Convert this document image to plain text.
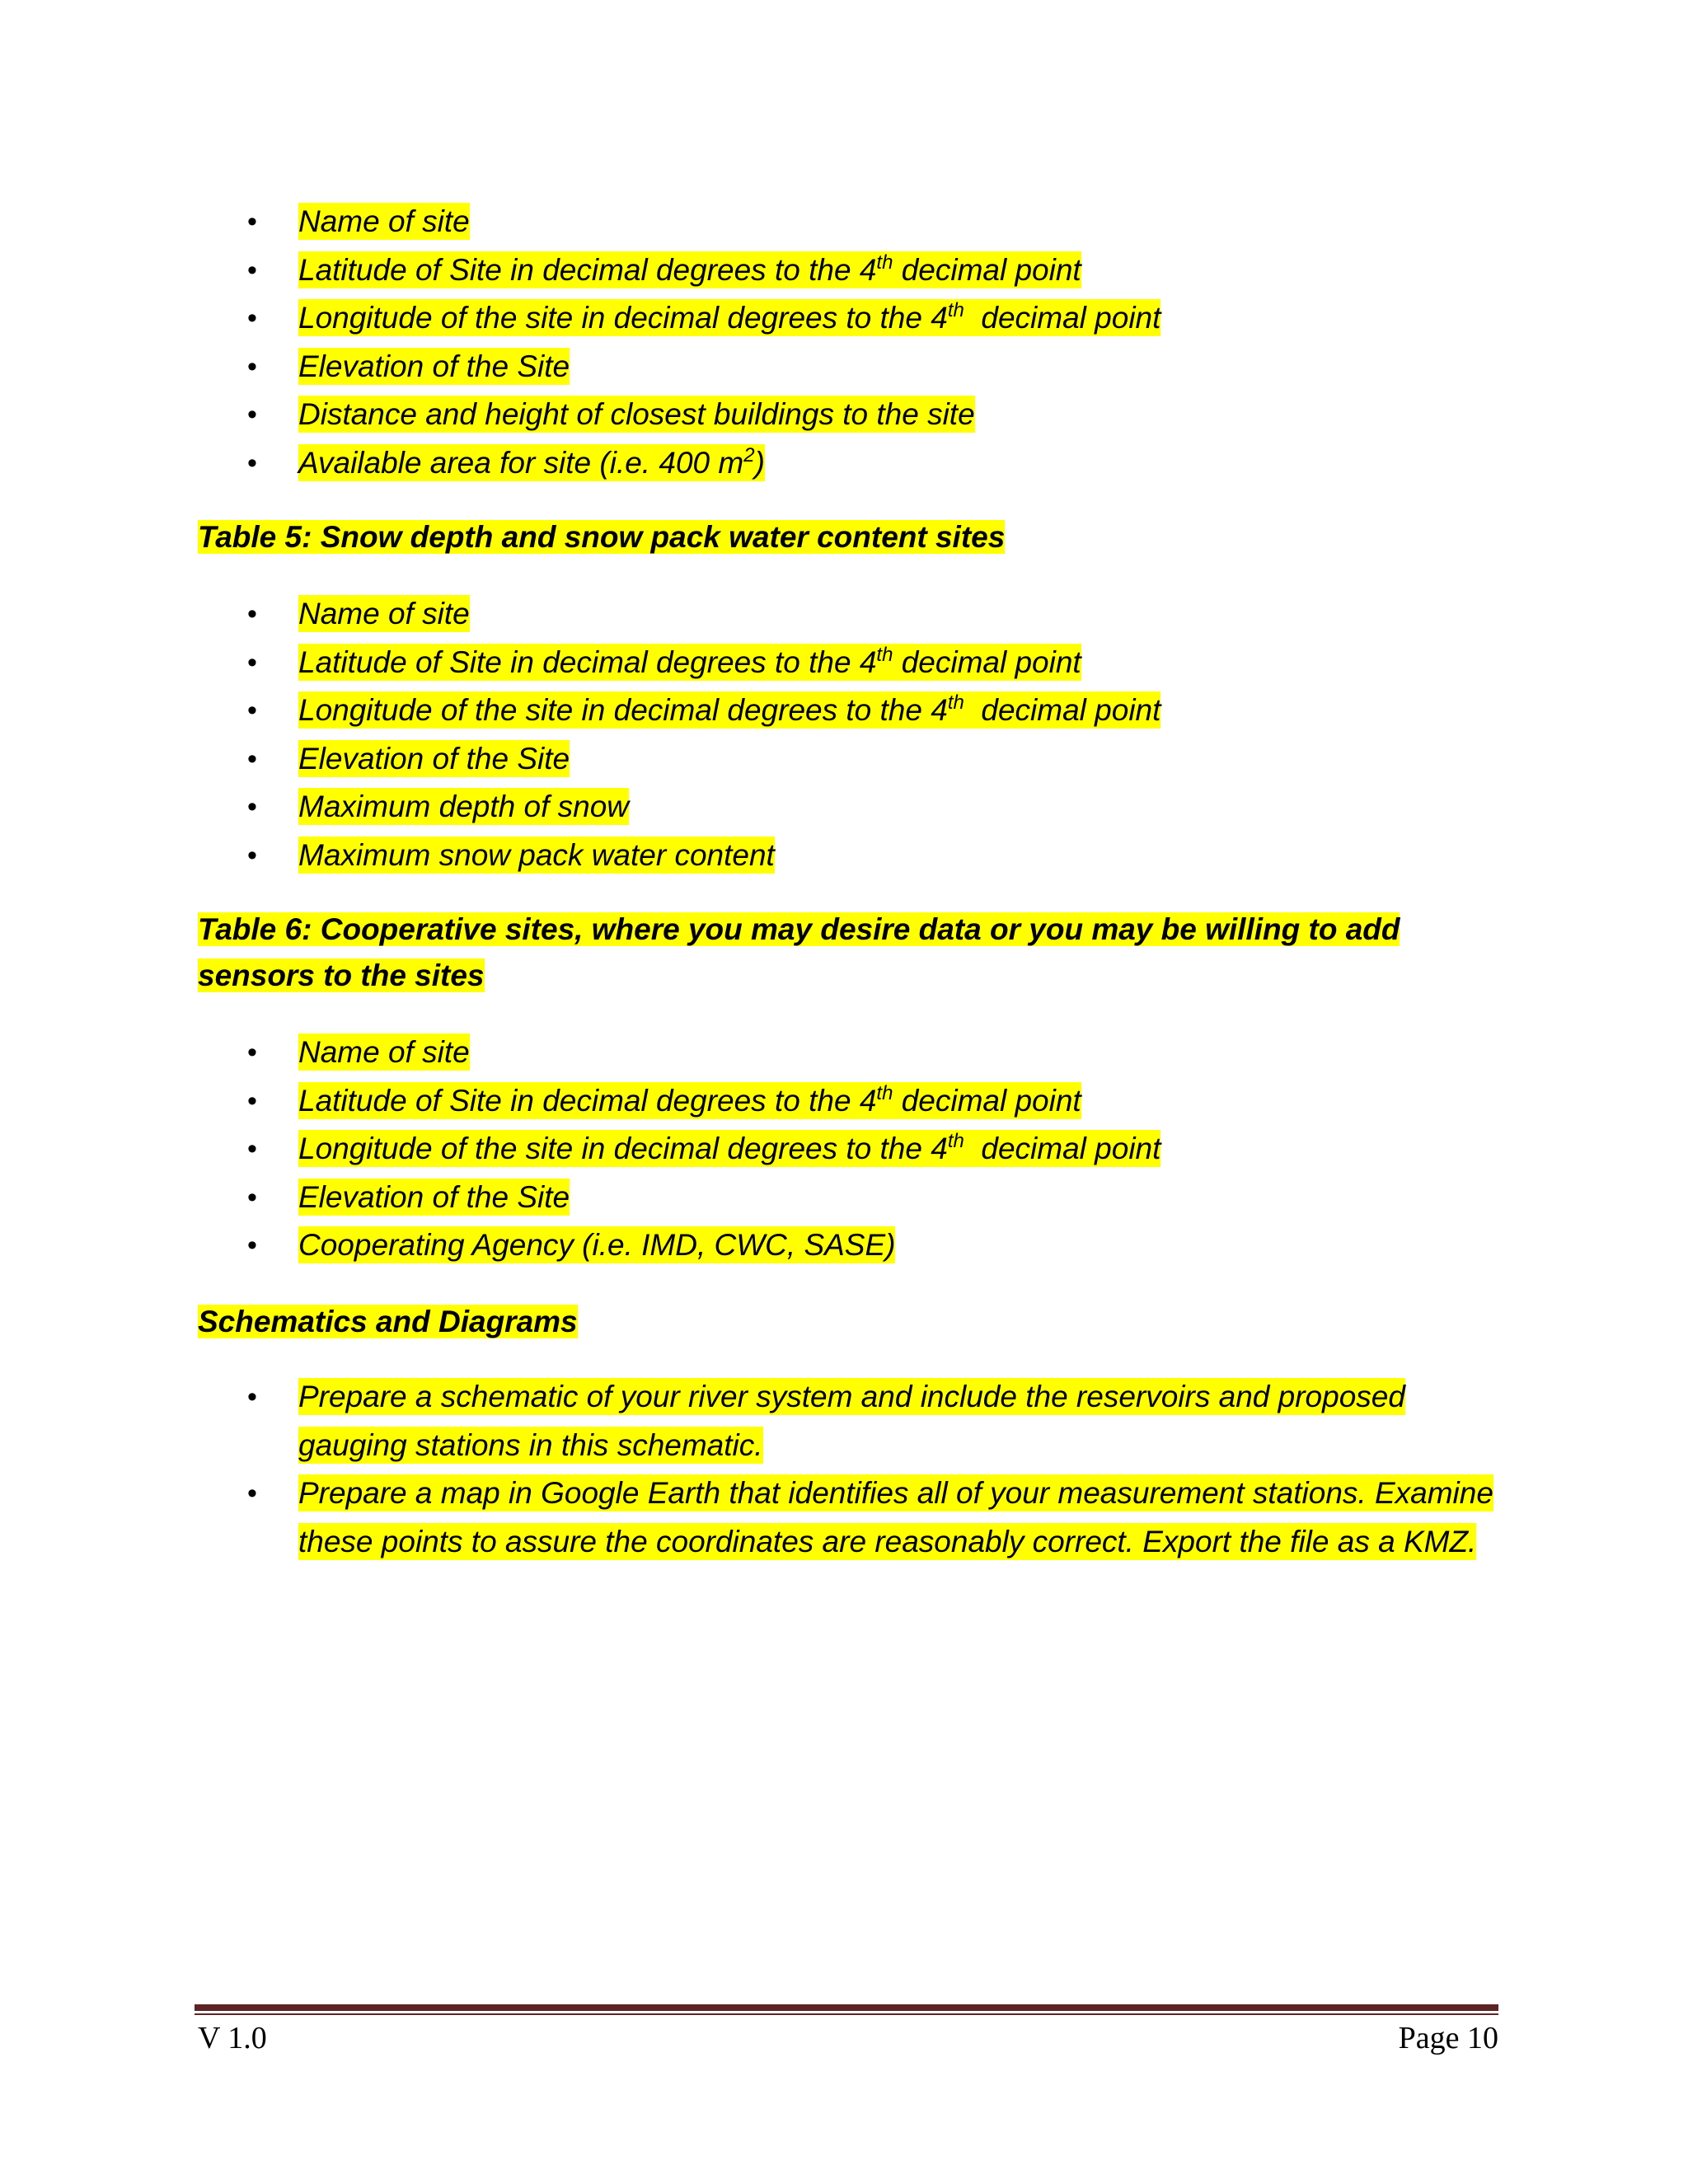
•	Name of site
•	Latitude of Site in decimal degrees to the 4th decimal point
•	Longitude of the site in decimal degrees to the 4th  decimal point
•	Elevation of the Site
•	Distance and height of closest buildings to the site
•	Available area for site (i.e. 400 $m^2$)

Table 5: Snow depth and snow pack water content sites

•	Name of site
•	Latitude of Site in decimal degrees to the 4th decimal point
•	Longitude of the site in decimal degrees to the 4th  decimal point
•	Elevation of the Site
•	Maximum depth of snow
•	Maximum snow pack water content

Table 6: Cooperative sites, where you may desire data or you may be willing to add sensors to the sites

•	Name of site
•	Latitude of Site in decimal degrees to the 4th decimal point
•	Longitude of the site in decimal degrees to the 4th  decimal point
•	Elevation of the Site
•	Cooperating Agency (i.e. IMD, CWC, SASE)

Schematics and Diagrams

•	Prepare a schematic of your river system and include the reservoirs and proposed gauging stations in this schematic.
•	Prepare a map in Google Earth that identifies all of your measurement stations. Examine these points to assure the coordinates are reasonably correct. Export the file as a KMZ.
V 1.0	Page 10
